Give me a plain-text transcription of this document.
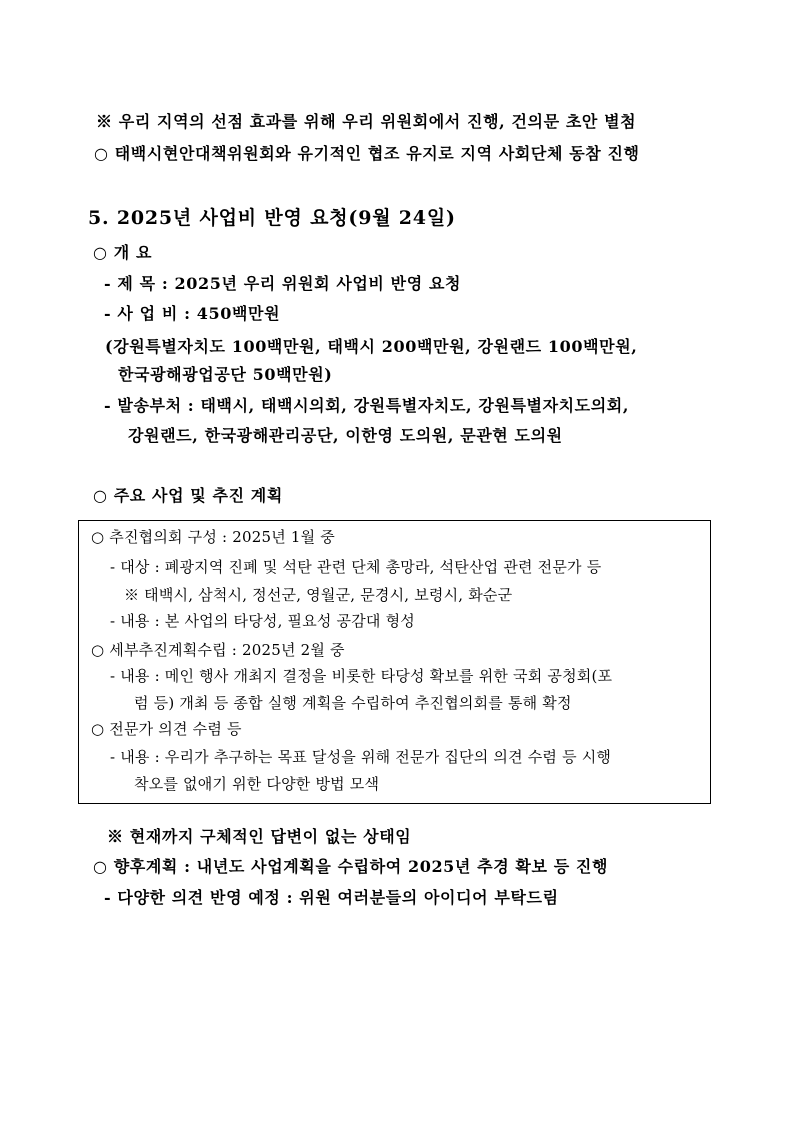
※ 우리 지역의 선점 효과를 위해 우리 위원회에서 진행, 건의문 초안 별첨
○ 태백시현안대책위원회와 유기적인 협조 유지로 지역 사회단체 동참 진행
5. 2025년 사업비 반영 요청(9월 24일)
○ 개 요
- 제 목 : 2025년 우리 위원회 사업비 반영 요청
- 사 업 비 : 450백만원
(강원특별자치도 100백만원, 태백시 200백만원, 강원랜드 100백만원,
한국광해광업공단 50백만원)
- 발송부처 : 태백시, 태백시의회, 강원특별자치도, 강원특별자치도의회,
강원랜드, 한국광해관리공단, 이한영 도의원, 문관현 도의원
○ 주요 사업 및 추진 계획
○ 추진협의회 구성 : 2025년 1월 중
- 대상 : 폐광지역 진폐 및 석탄 관련 단체 총망라, 석탄산업 관련 전문가 등
※ 태백시, 삼척시, 정선군, 영월군, 문경시, 보령시, 화순군
- 내용 : 본 사업의 타당성, 필요성 공감대 형성
○ 세부추진계획수립 : 2025년 2월 중
- 내용 : 메인 행사 개최지 결정을 비롯한 타당성 확보를 위한 국회 공청회(포
럼 등) 개최 등 종합 실행 계획을 수립하여 추진협의회를 통해 확정
○ 전문가 의견 수렴 등
- 내용 : 우리가 추구하는 목표 달성을 위해 전문가 집단의 의견 수렴 등 시행
착오를 없애기 위한 다양한 방법 모색
※ 현재까지 구체적인 답변이 없는 상태임
○ 향후계획 : 내년도 사업계획을 수립하여 2025년 추경 확보 등 진행
- 다양한 의견 반영 예정 : 위원 여러분들의 아이디어 부탁드림
